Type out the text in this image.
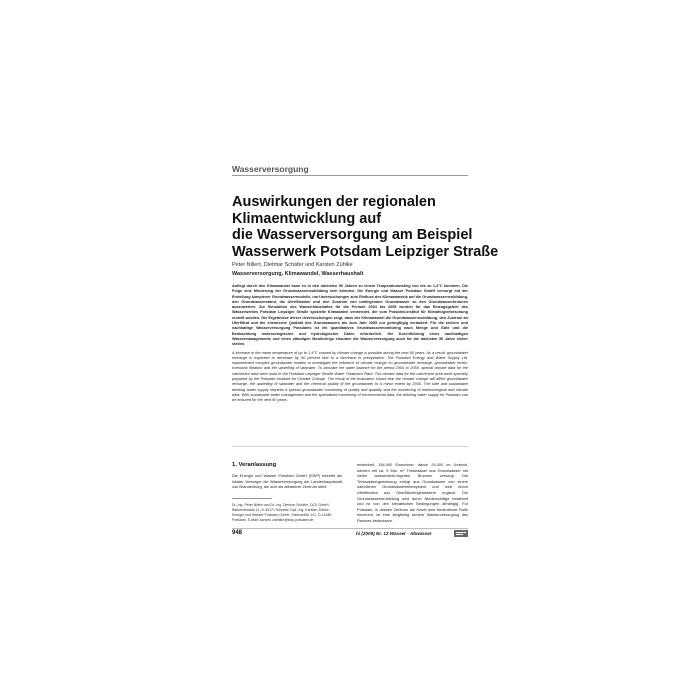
Wasserversorgung
Auswirkungen der regionalen
Klimaentwicklung auf
die Wasserversorgung am Beispiel
Wasserwerk Potsdam Leipziger Straße
Peter Nillert, Dietmar Schäfer und Karsten Zühlke
Wasserversorgung, Klimawandel, Wasserhaushalt

Auflegt durch den Klimawandel kann es in den nächsten 50 Jahren zu einem Temperaturanstieg von bis zu 1,4°C kommen. Die Folge eine Minderung der Grundwasserneubildung sein könnten. Die Energie und Wasser Potsdam GmbH versorgt mit der Erstellung komplexer Grundwassermodelle, um Untersuchungen zum Einfluss des Klimawandels auf die Grundwasserneubildung, den Grundwasserstand, die Uferfiltration und den Zustrom von umliegenden Grundwasser zu den Grundwasserbrunnen auszuwerten. Zur Simulation des Wasserhaushaltes für die Periode 2004 bis 2055 wurden für das Einzugsgebiet des Wasserwerkes Potsdam Leipziger Straße spezielle Klimadaten verwendet, die vom Potsdam-Institut für Klimafolgenforschung erstellt wurden. Die Ergebnisse dieser Untersuchungen zeigt, dass der Klimawandel die Grundwasserneubildung, den Zustrom an Uferfiltrat und die chemische Qualität des Grundwassers bis zum Jahr 2055 nur geringfügig verändert. Für die sichere und nachhaltige Wasserversorgung Potsdams ist ein quantitatives Grundwassermonitoring nach Menge und Güte und die Beobachtung meteorologischer und hydrologischer Daten erforderlich. Die Durchführung eines nachhaltigen Wassermanagements und eines ständigen Monitorings erlauben die Wasserversorgung auch für die nächsten 50 Jahre sicher stellen.

A increase in the mean temperature of up to 1.4°C caused by climate change is possible during the next 50 years. As a result, groundwater recharge is expected to decrease by 50 percent due to a decrease in precipitation. The Potsdam Energy and Water Supply Ltd. implemented complex groundwater models to investigate the influence of climate change on groundwater recharge, groundwater levels, riverbank filtration and the upwelling of saltwater. To simulate the water balance for the period 2004 to 2055, special climate data for the catchment area were used in the Potsdam Leipziger Straße Water Treatment Plant. The climate data for the catchment area were specially prepared by the Potsdam Institute for Climate Change. The result of the evaluation shows that the climate change will affect groundwater recharge, the upwelling of saltwater and the chemical quality of the groundwater to a minor extent by 2055. The safe and sustainable drinking water supply requires a special groundwater monitoring of quality and quantity and the monitoring of meteorological and climate data. With sustainable water management and the specialised monitoring of environmental data, the drinking water supply for Potsdam can be ensured for the next 50 years.

1. Veranlassung

Die Energie und Wasser Potsdam GmbH (EWP) betreibt als lokaler Versorger die Wasserversorgung der Landeshauptstadt von Brandenburg, die sich als attraktiver Zentrum steht

Dr.-Ing. Peter Nillert und Dr.-Ing. Dietmar Schäfer, DCS GmbH, Bahnhofstraße 11, D-39171 Sülzetal, Dipl.-Ing. Karsten Zühlke, Energie und Wasser Potsdam GmbH, Steinstraße 101, D-14480 Potsdam, E-Mail: karsten.zuehlke@swp-potsdam.de

entwickelt, 154.000 Einwohner, davon 24.000 im Umland, werden mit ca. 9 Mio. m³ Trinkwasser aus Grundwasser mit vielen wasserwerk-eigenen Brunnen versorgt. Die Trinkwassergewinnung erfolgt aus Grundwasser von einem natürlichen Grundwasserleitersystem und wird durch Uferfiltration aus Oberflächengewässern ergänzt. Die Grundwasserneubildung wird durch Niederschläge bestimmt und ist von den klimatischen Bedingungen abhängig. Für Potsdam, in dessen Zentrum die Havel eine bedeutende Rolle einnimmt, ist eine langfristig sichere Wasserversorgung des Raumes bedeutsam.

948	hi (2009) Nr. 12 Wasser · Abwasser
